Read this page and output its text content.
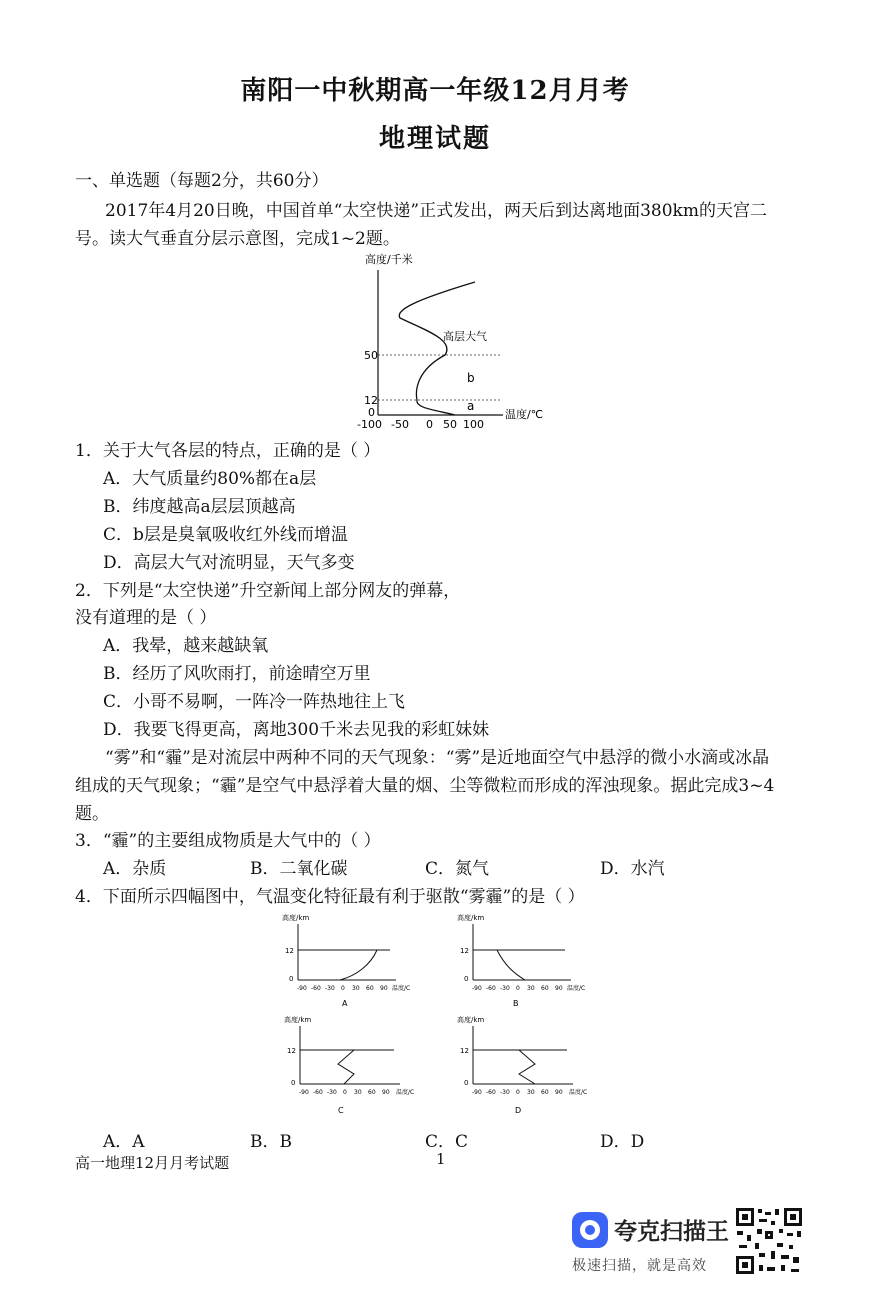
南阳一中秋期高一年级12月月考
地理试题
一、单选题（每题2分，共60分）
2017年4月20日晚，中国首单“太空快递”正式发出，两天后到达离地面380km的天宫二
号。读大气垂直分层示意图，完成1~2题。
高度/千米
50
12
0
高层大气
b
a
-100 -50 0 50 100
温度/℃
1．关于大气各层的特点，正确的是（ ）
A．大气质量约80%都在a层
B．纬度越高a层层顶越高
C．b层是臭氧吸收红外线而增温
D．高层大气对流明显，天气多变
2．下列是“太空快递”升空新闻上部分网友的弹幕，
没有道理的是（ ）
A．我晕，越来越缺氧
B．经历了风吹雨打，前途晴空万里
C．小哥不易啊，一阵冷一阵热地往上飞
D．我要飞得更高，离地300千米去见我的彩虹妹妹
“雾”和“霾”是对流层中两种不同的天气现象：“雾”是近地面空气中悬浮的微小水滴或冰晶
组成的天气现象；“霾”是空气中悬浮着大量的烟、尘等微粒而形成的浑浊现象。据此完成3~4
题。
3．“霾”的主要组成物质是大气中的（ ）
A．杂质	B．二氧化碳	C．氮气	D．水汽
4．下面所示四幅图中，气温变化特征最有利于驱散“雾霾”的是（ ）
高度/km
12
0
-90 -60 -30 0 30 60 90 温度/C
A
高度/km
12
0
-90 -60 -30 0 30 60 90 温度/C
B
高度/km
12
0
-90 -60 -30 0 30 60 90 温度/C
C
高度/km
12
0
-90 -60 -30 0 30 60 90 温度/C
D
A．A	B．B	C．C	D．D
高一地理12月月考试题	1
夸克扫描王
极速扫描，就是高效
